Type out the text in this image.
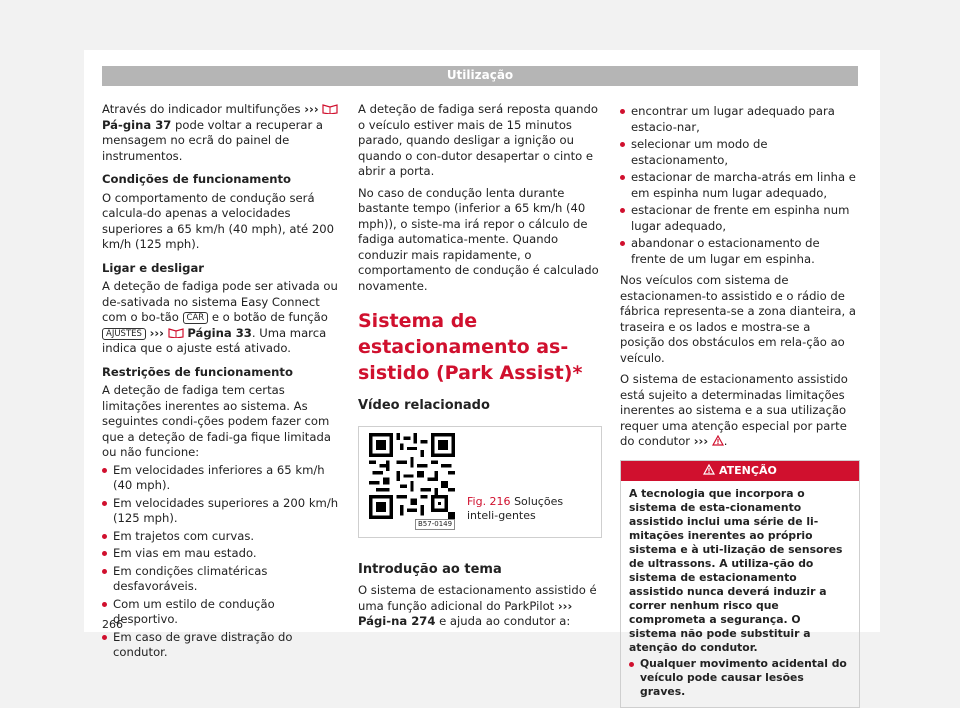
Utilização

Através do indicador multifunções ›››  Pá-gina 37 pode voltar a recuperar a mensagem no ecrã do painel de instrumentos.

Condições de funcionamento

O comportamento de condução será calcula-do apenas a velocidades superiores a 65 km/h (40 mph), até 200 km/h (125 mph).

Ligar e desligar

A deteção de fadiga pode ser ativada ou de-sativada no sistema Easy Connect com o bo-tão CAR e o botão de função AJUSTES ››› Página 33. Uma marca indica que o ajuste está ativado.

Restrições de funcionamento

A deteção de fadiga tem certas limitações inerentes ao sistema. As seguintes condi-ções podem fazer com que a deteção de fadi-ga fique limitada ou não funcione:

Em velocidades inferiores a 65 km/h (40 mph).

Em velocidades superiores a 200 km/h (125 mph).

Em trajetos com curvas.

Em vias em mau estado.

Em condições climatéricas desfavoráveis.

Com um estilo de condução desportivo.

Em caso de grave distração do condutor.

A deteção de fadiga será reposta quando o veículo estiver mais de 15 minutos parado, quando desligar a ignição ou quando o con-dutor desapertar o cinto e abrir a porta.

No caso de condução lenta durante bastante tempo (inferior a 65 km/h (40 mph)), o siste-ma irá repor o cálculo de fadiga automatica-mente. Quando conduzir mais rapidamente, o comportamento de condução é calculado novamente.

Sistema de estacionamento as-sistido (Park Assist)*

Vídeo relacionado

B57-0149
Fig. 216 Soluções inteli-gentes

Introdução ao tema

O sistema de estacionamento assistido é uma função adicional do ParkPilot ››› Pági-na 274 e ajuda ao condutor a:

encontrar um lugar adequado para estacio-nar,

selecionar um modo de estacionamento,

estacionar de marcha-atrás em linha e em espinha num lugar adequado,

estacionar de frente em espinha num lugar adequado,

abandonar o estacionamento de frente de um lugar em espinha.

Nos veículos com sistema de estacionamen-to assistido e o rádio de fábrica representa-se a zona dianteira, a traseira e os lados e mostra-se a posição dos obstáculos em rela-ção ao veículo.

O sistema de estacionamento assistido está sujeito a determinadas limitações inerentes ao sistema e a sua utilização requer uma atenção especial por parte do condutor ››› .

ATENÇÃO

A tecnologia que incorpora o sistema de esta-cionamento assistido inclui uma série de li-mitações inerentes ao próprio sistema e à uti-lização de sensores de ultrassons. A utiliza-ção do sistema de estacionamento assistido nunca deverá induzir a correr nenhum risco que comprometa a segurança. O sistema não pode substituir a atenção do condutor.

Qualquer movimento acidental do veículo pode causar lesões graves.

266
